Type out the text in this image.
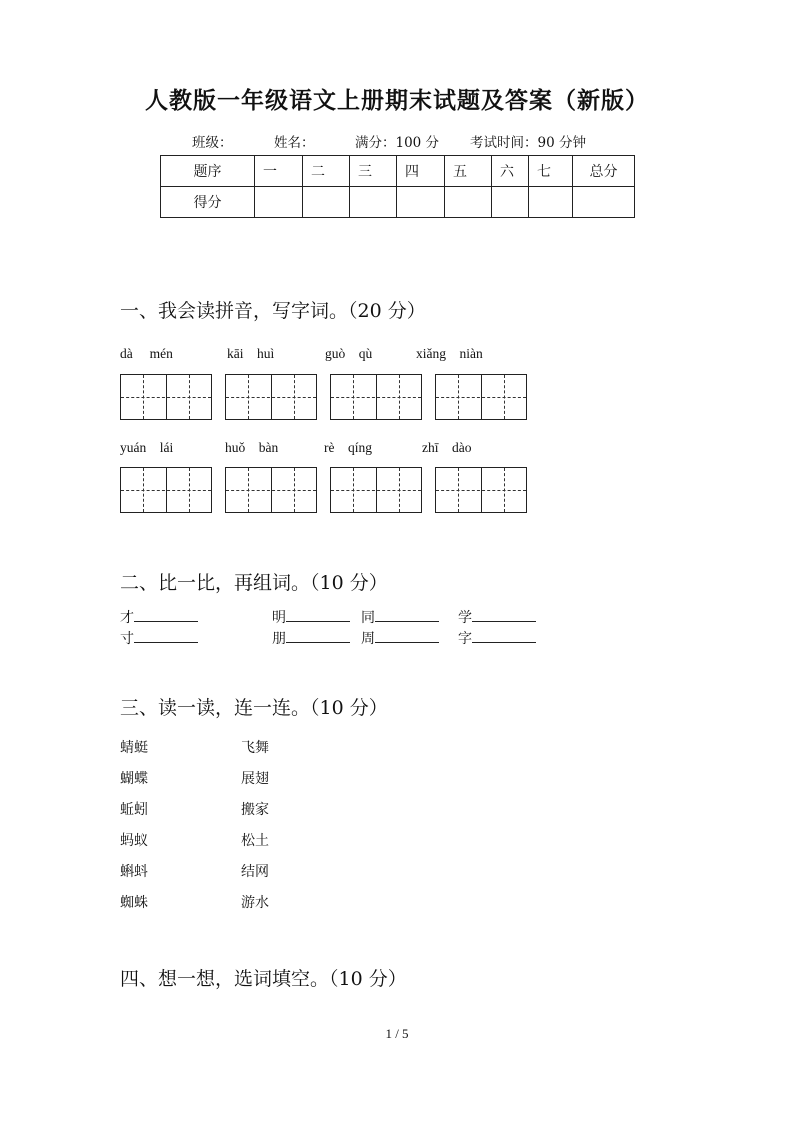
人教版一年级语文上册期末试题及答案（新版）
班级：	姓名：	满分：100 分 考试时间：90 分钟
题序	一	二	三	四	五	六	七	总分
得分								
一、我会读拼音，写字词。（20 分）
dà　 mén	kāi　huì	guò　qù	xiǎng　niàn
yuán　lái	huǒ　bàn	rè　qíng	zhī　dào
二、比一比，再组词。（10 分）
才	明	同	学
寸	朋	周	字
三、读一读，连一连。（10 分）
蜻蜓	飞舞
蝴蝶	展翅
蚯蚓	搬家
蚂蚁	松土
蝌蚪	结网
蜘蛛	游水
四、想一想，选词填空。（10 分）
1 / 5
